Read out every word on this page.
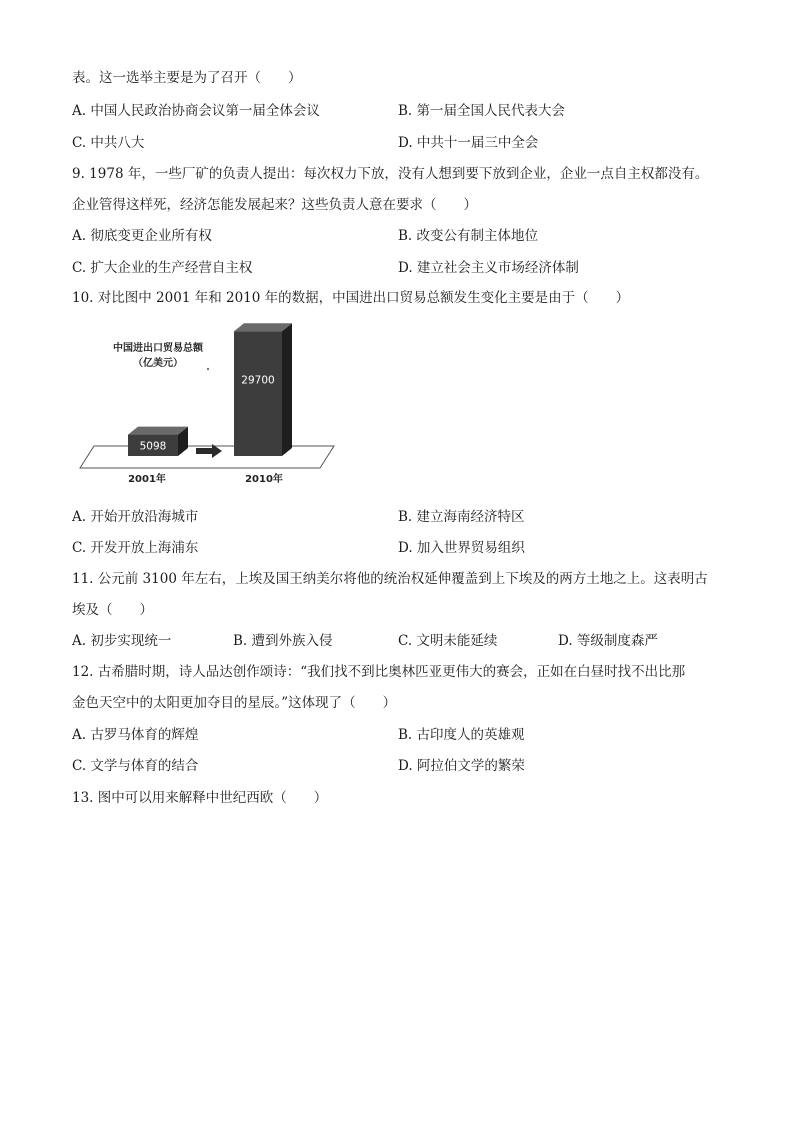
表。这一选举主要是为了召开（　　）
A. 中国人民政治协商会议第一届全体会议	B. 第一届全国人民代表大会
C. 中共八大	D. 中共十一届三中全会
9. 1978 年，一些厂矿的负责人提出：每次权力下放，没有人想到要下放到企业，企业一点自主权都没有。
企业管得这样死，经济怎能发展起来？这些负责人意在要求（　　）
A. 彻底变更企业所有权	B. 改变公有制主体地位
C. 扩大企业的生产经营自主权	D. 建立社会主义市场经济体制
10. 对比图中 2001 年和 2010 年的数据，中国进出口贸易总额发生变化主要是由于（　　）
中国进出口贸易总额
（亿美元）
5098
2001年
29700
2010年
A. 开始开放沿海城市	B. 建立海南经济特区
C. 开发开放上海浦东	D. 加入世界贸易组织
11. 公元前 3100 年左右，上埃及国王纳美尔将他的统治权延伸覆盖到上下埃及的两方土地之上。这表明古
埃及（　　）
A. 初步实现统一	B. 遭到外族入侵	C. 文明未能延续	D. 等级制度森严
12. 古希腊时期，诗人品达创作颂诗：“我们找不到比奥林匹亚更伟大的赛会，正如在白昼时找不出比那
金色天空中的太阳更加夺目的星辰。”这体现了（　　）
A. 古罗马体育的辉煌	B. 古印度人的英雄观
C. 文学与体育的结合	D. 阿拉伯文学的繁荣
13. 图中可以用来解释中世纪西欧（　　）
